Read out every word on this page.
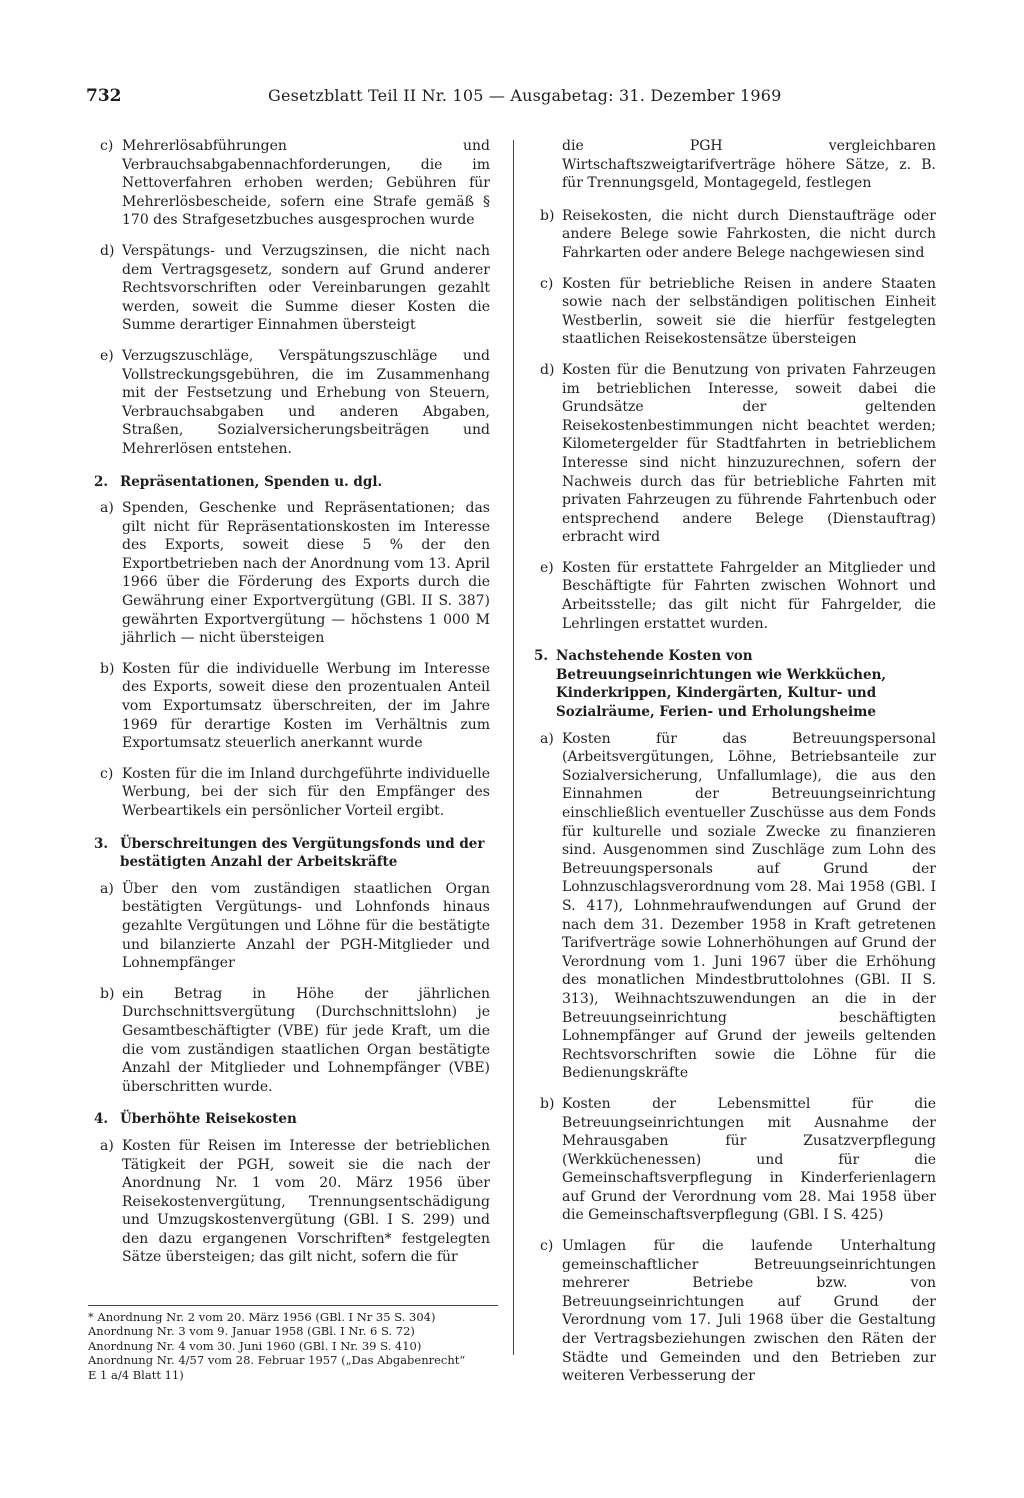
732	Gesetzblatt Teil II Nr. 105 — Ausgabetag: 31. Dezember 1969
c) Mehrerlösabführungen und Verbrauchsabgabennachforderungen, die im Nettoverfahren erhoben werden; Gebühren für Mehrerlösbescheide, sofern eine Strafe gemäß § 170 des Strafgesetzbuches ausgesprochen wurde
d) Verspätungs- und Verzugszinsen, die nicht nach dem Vertragsgesetz, sondern auf Grund anderer Rechtsvorschriften oder Vereinbarungen gezahlt werden, soweit die Summe dieser Kosten die Summe derartiger Einnahmen übersteigt
e) Verzugszuschläge, Verspätungszuschläge und Vollstreckungsgebühren, die im Zusammenhang mit der Festsetzung und Erhebung von Steuern, Verbrauchsabgaben und anderen Abgaben, Straßen, Sozialversicherungsbeiträgen und Mehrerlösen entstehen.
2. Repräsentationen, Spenden u. dgl.
a) Spenden, Geschenke und Repräsentationen; das gilt nicht für Repräsentationskosten im Interesse des Exports, soweit diese 5 % der den Exportbetrieben nach der Anordnung vom 13. April 1966 über die Förderung des Exports durch die Gewährung einer Exportvergütung (GBl. II S. 387) gewährten Exportvergütung — höchstens 1 000 M jährlich — nicht übersteigen
b) Kosten für die individuelle Werbung im Interesse des Exports, soweit diese den prozentualen Anteil vom Exportumsatz überschreiten, der im Jahre 1969 für derartige Kosten im Verhältnis zum Exportumsatz steuerlich anerkannt wurde
c) Kosten für die im Inland durchgeführte individuelle Werbung, bei der sich für den Empfänger des Werbeartikels ein persönlicher Vorteil ergibt.
3. Überschreitungen des Vergütungsfonds und der bestätigten Anzahl der Arbeitskräfte
a) Über den vom zuständigen staatlichen Organ bestätigten Vergütungs- und Lohnfonds hinaus gezahlte Vergütungen und Löhne für die bestätigte und bilanzierte Anzahl der PGH-Mitglieder und Lohnempfänger
b) ein Betrag in Höhe der jährlichen Durchschnittsvergütung (Durchschnittslohn) je Gesamtbeschäftigter (VBE) für jede Kraft, um die die vom zuständigen staatlichen Organ bestätigte Anzahl der Mitglieder und Lohnempfänger (VBE) überschritten wurde.
4. Überhöhte Reisekosten
a) Kosten für Reisen im Interesse der betrieblichen Tätigkeit der PGH, soweit sie die nach der Anordnung Nr. 1 vom 20. März 1956 über Reisekostenvergütung, Trennungsentschädigung und Umzugskostenvergütung (GBl. I S. 299) und den dazu ergangenen Vorschriften* festgelegten Sätze übersteigen; das gilt nicht, sofern die für
* Anordnung Nr. 2 vom 20. März 1956 (GBl. I Nr 35 S. 304)
Anordnung Nr. 3 vom 9. Januar 1958 (GBl. I Nr. 6 S. 72)
Anordnung Nr. 4 vom 30. Juni 1960 (GBl. I Nr. 39 S. 410)
Anordnung Nr. 4/57 vom 28. Februar 1957 („Das Abgabenrecht“
E 1 a/4 Blatt 11)
die PGH vergleichbaren Wirtschaftszweigtarifverträge höhere Sätze, z. B. für Trennungsgeld, Montagegeld, festlegen
b) Reisekosten, die nicht durch Dienstaufträge oder andere Belege sowie Fahrkosten, die nicht durch Fahrkarten oder andere Belege nachgewiesen sind
c) Kosten für betriebliche Reisen in andere Staaten sowie nach der selbständigen politischen Einheit Westberlin, soweit sie die hierfür festgelegten staatlichen Reisekostensätze übersteigen
d) Kosten für die Benutzung von privaten Fahrzeugen im betrieblichen Interesse, soweit dabei die Grundsätze der geltenden Reisekostenbestimmungen nicht beachtet werden; Kilometergelder für Stadtfahrten in betrieblichem Interesse sind nicht hinzuzurechnen, sofern der Nachweis durch das für betriebliche Fahrten mit privaten Fahrzeugen zu führende Fahrtenbuch oder entsprechend andere Belege (Dienstauftrag) erbracht wird
e) Kosten für erstattete Fahrgelder an Mitglieder und Beschäftigte für Fahrten zwischen Wohnort und Arbeitsstelle; das gilt nicht für Fahrgelder, die Lehrlingen erstattet wurden.
5. Nachstehende Kosten von Betreuungseinrichtungen wie Werkküchen, Kinderkrippen, Kindergärten, Kultur- und Sozialräume, Ferien- und Erholungsheime
a) Kosten für das Betreuungspersonal (Arbeitsvergütungen, Löhne, Betriebsanteile zur Sozialversicherung, Unfallumlage), die aus den Einnahmen der Betreuungseinrichtung einschließlich eventueller Zuschüsse aus dem Fonds für kulturelle und soziale Zwecke zu finanzieren sind. Ausgenommen sind Zuschläge zum Lohn des Betreuungspersonals auf Grund der Lohnzuschlagsverordnung vom 28. Mai 1958 (GBl. I S. 417), Lohnmehraufwendungen auf Grund der nach dem 31. Dezember 1958 in Kraft getretenen Tarifverträge sowie Lohnerhöhungen auf Grund der Verordnung vom 1. Juni 1967 über die Erhöhung des monatlichen Mindestbruttolohnes (GBl. II S. 313), Weihnachtszuwendungen an die in der Betreuungseinrichtung beschäftigten Lohnempfänger auf Grund der jeweils geltenden Rechtsvorschriften sowie die Löhne für die Bedienungskräfte
b) Kosten der Lebensmittel für die Betreuungseinrichtungen mit Ausnahme der Mehrausgaben für Zusatzverpflegung (Werkküchenessen) und für die Gemeinschaftsverpflegung in Kinderferienlagern auf Grund der Verordnung vom 28. Mai 1958 über die Gemeinschaftsverpflegung (GBl. I S. 425)
c) Umlagen für die laufende Unterhaltung gemeinschaftlicher Betreuungseinrichtungen mehrerer Betriebe bzw. von Betreuungseinrichtungen auf Grund der Verordnung vom 17. Juli 1968 über die Gestaltung der Vertragsbeziehungen zwischen den Räten der Städte und Gemeinden und den Betrieben zur weiteren Verbesserung der
